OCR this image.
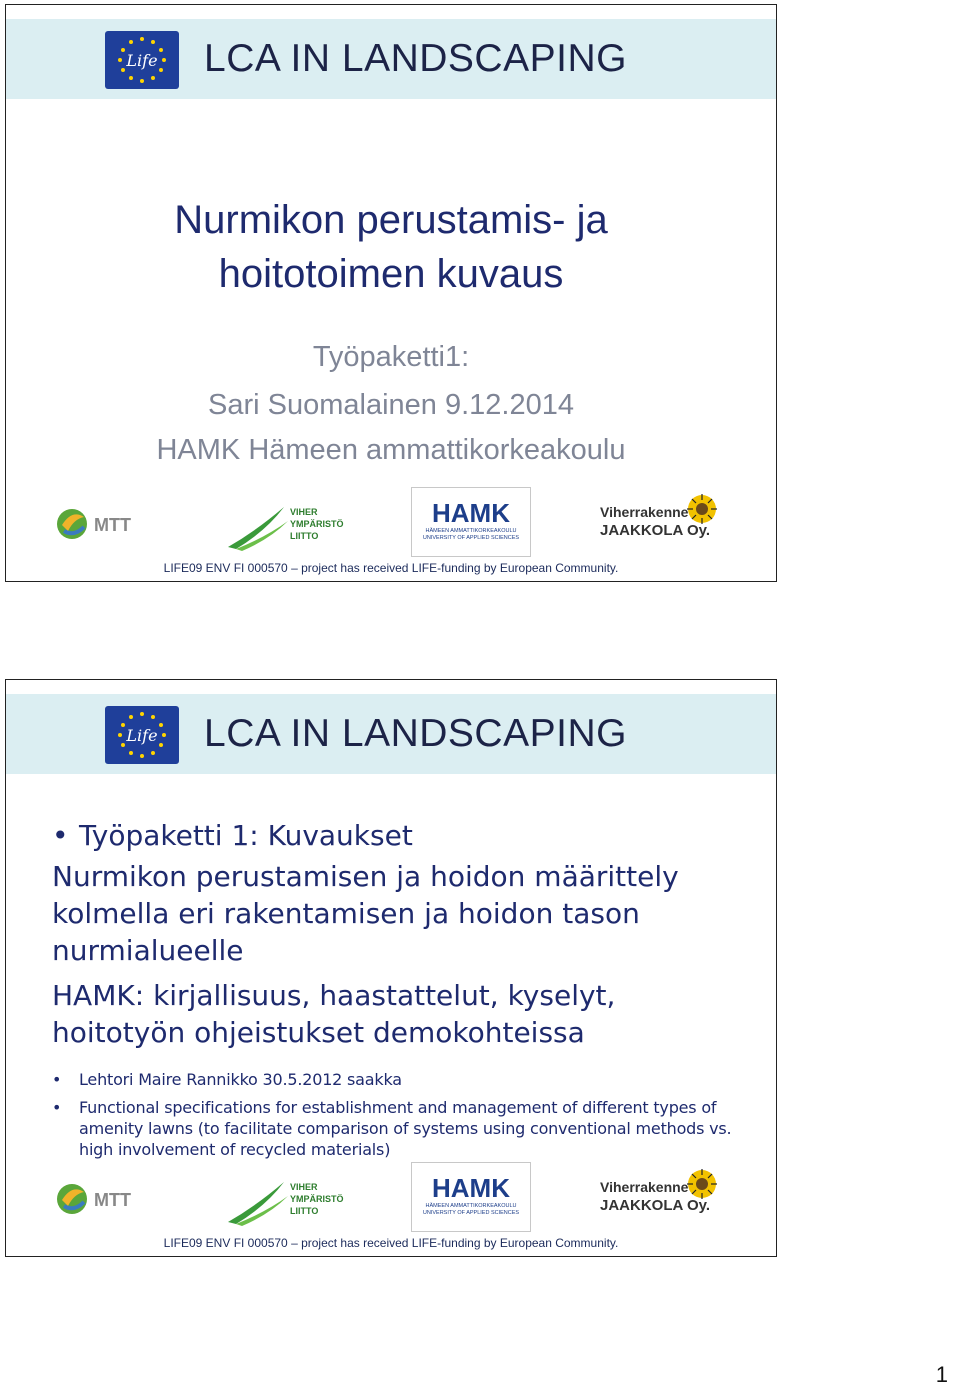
Life LCA IN LANDSCAPING
Nurmikon perustamis- ja
hoitotoimen kuvaus
Työpaketti1:
Sari Suomalainen 9.12.2014
HAMK Hämeen ammattikorkeakoulu
MTT
VIHER
YMPÄRISTÖ
LIITTO
HAMK
HÄMEEN AMMATTIKORKEAKOULU
UNIVERSITY OF APPLIED SCIENCES
Viherrakenne
JAAKKOLA Oy.
LIFE09 ENV FI 000570 – project has received LIFE-funding by European Community.
Life LCA IN LANDSCAPING
• Työpaketti 1: Kuvaukset

Nurmikon perustamisen ja hoidon määrittely kolmella eri rakentamisen ja hoidon tason nurmialueelle

HAMK: kirjallisuus, haastattelut, kyselyt, hoitotyön ohjeistukset demokohteissa

• Lehtori Maire Rannikko 30.5.2012 saakka
• Functional specifications for establishment and management of different types of amenity lawns (to facilitate comparison of systems using conventional methods vs. high involvement of recycled materials)
MTT
VIHER
YMPÄRISTÖ
LIITTO
HAMK
HÄMEEN AMMATTIKORKEAKOULU
UNIVERSITY OF APPLIED SCIENCES
Viherrakenne
JAAKKOLA Oy.
LIFE09 ENV FI 000570 – project has received LIFE-funding by European Community.
1
